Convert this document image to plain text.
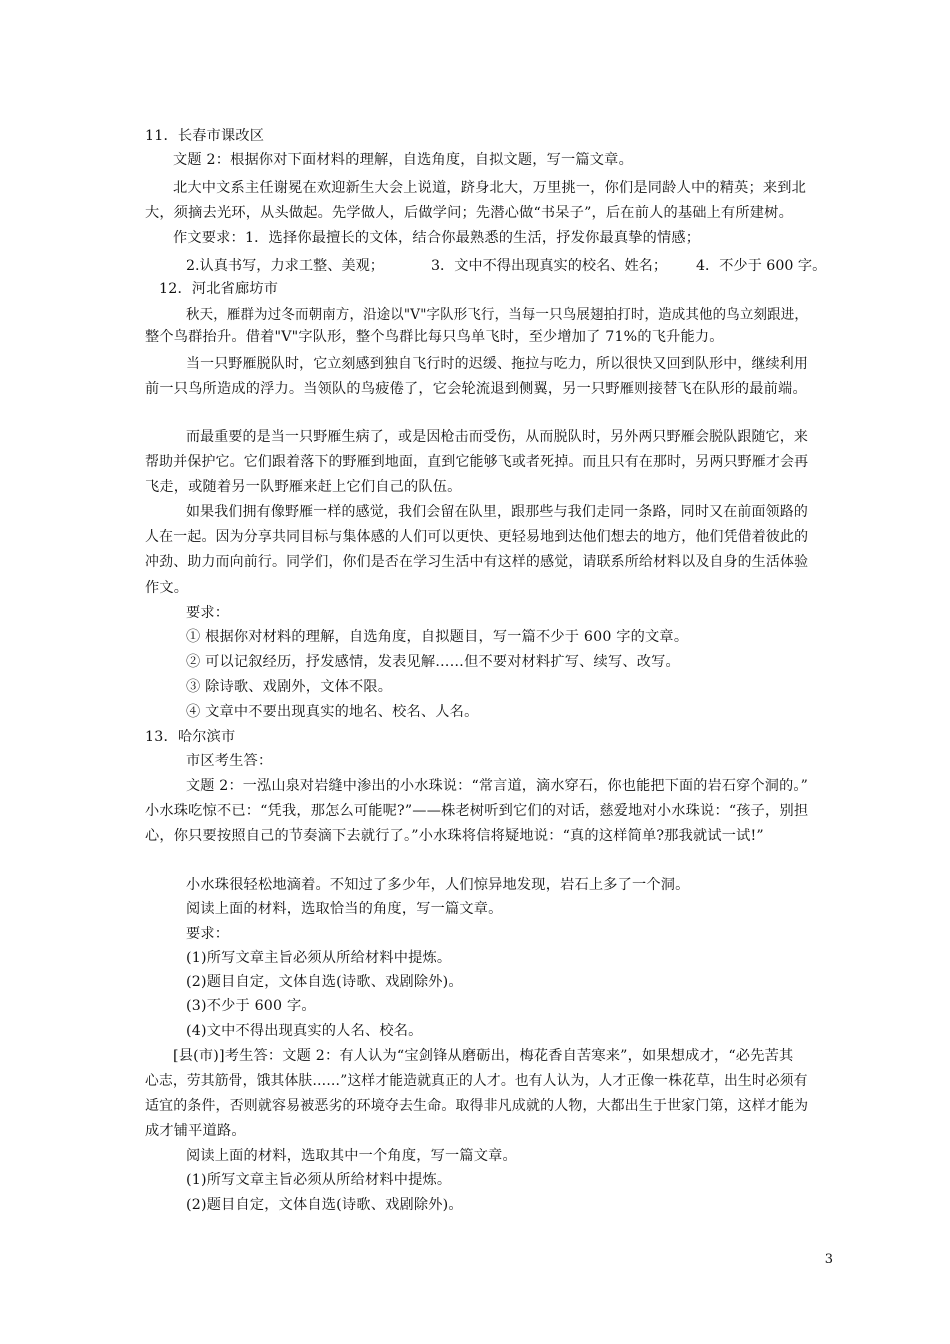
11．长春市课改区
文题 2：根据你对下面材料的理解，自选角度，自拟文题，写一篇文章。
北大中文系主任谢冕在欢迎新生大会上说道，跻身北大，万里挑一，你们是同龄人中的精英；来到北
大，须摘去光环，从头做起。先学做人，后做学问；先潜心做“书呆子”，后在前人的基础上有所建树。
作文要求：1．选择你最擅长的文体，结合你最熟悉的生活，抒发你最真挚的情感；
2.认真书写，力求工整、美观；	3．文中不得出现真实的校名、姓名； 4．不少于 600 字。
12．河北省廊坊市
秋天，雁群为过冬而朝南方，沿途以"V"字队形飞行，当每一只鸟展翅拍打时，造成其他的鸟立刻跟进，
整个鸟群抬升。借着"V"字队形，整个鸟群比每只鸟单飞时，至少增加了 71%的飞升能力。
当一只野雁脱队时，它立刻感到独自飞行时的迟缓、拖拉与吃力，所以很快又回到队形中，继续利用
前一只鸟所造成的浮力。当领队的鸟疲倦了，它会轮流退到侧翼，另一只野雁则接替飞在队形的最前端。
而最重要的是当一只野雁生病了，或是因枪击而受伤，从而脱队时，另外两只野雁会脱队跟随它，来
帮助并保护它。它们跟着落下的野雁到地面，直到它能够飞或者死掉。而且只有在那时，另两只野雁才会再
飞走，或随着另一队野雁来赶上它们自己的队伍。
如果我们拥有像野雁一样的感觉，我们会留在队里，跟那些与我们走同一条路，同时又在前面领路的
人在一起。因为分享共同目标与集体感的人们可以更快、更轻易地到达他们想去的地方，他们凭借着彼此的
冲劲、助力而向前行。同学们，你们是否在学习生活中有这样的感觉，请联系所给材料以及自身的生活体验
作文。
要求：
① 根据你对材料的理解，自选角度，自拟题目，写一篇不少于 600 字的文章。
② 可以记叙经历，抒发感情，发表见解……但不要对材料扩写、续写、改写。
③ 除诗歌、戏剧外，文体不限。
④ 文章中不要出现真实的地名、校名、人名。
13．哈尔滨市
市区考生答：
文题 2：一泓山泉对岩缝中渗出的小水珠说：“常言道，滴水穿石，你也能把下面的岩石穿个洞的。”
小水珠吃惊不已：“凭我，那怎么可能呢?”——株老树听到它们的对话，慈爱地对小水珠说：“孩子，别担
心，你只要按照自己的节奏滴下去就行了。”小水珠将信将疑地说：“真的这样简单?那我就试一试!”
小水珠很轻松地滴着。不知过了多少年，人们惊异地发现，岩石上多了一个洞。
阅读上面的材料，选取恰当的角度，写一篇文章。
要求：
(1)所写文章主旨必须从所给材料中提炼。
(2)题目自定，文体自选(诗歌、戏剧除外)。
(3)不少于 600 字。
(4)文中不得出现真实的人名、校名。
[县(市)]考生答：文题 2：有人认为“宝剑锋从磨砺出，梅花香自苦寒来”，如果想成才，“必先苦其
心志，劳其筋骨，饿其体肤……”这样才能造就真正的人才。也有人认为，人才正像一株花草，出生时必须有
适宜的条件，否则就容易被恶劣的环境夺去生命。取得非凡成就的人物，大都出生于世家门第，这样才能为
成才铺平道路。
阅读上面的材料，选取其中一个角度，写一篇文章。
(1)所写文章主旨必须从所给材料中提炼。
(2)题目自定，文体自选(诗歌、戏剧除外)。
3
